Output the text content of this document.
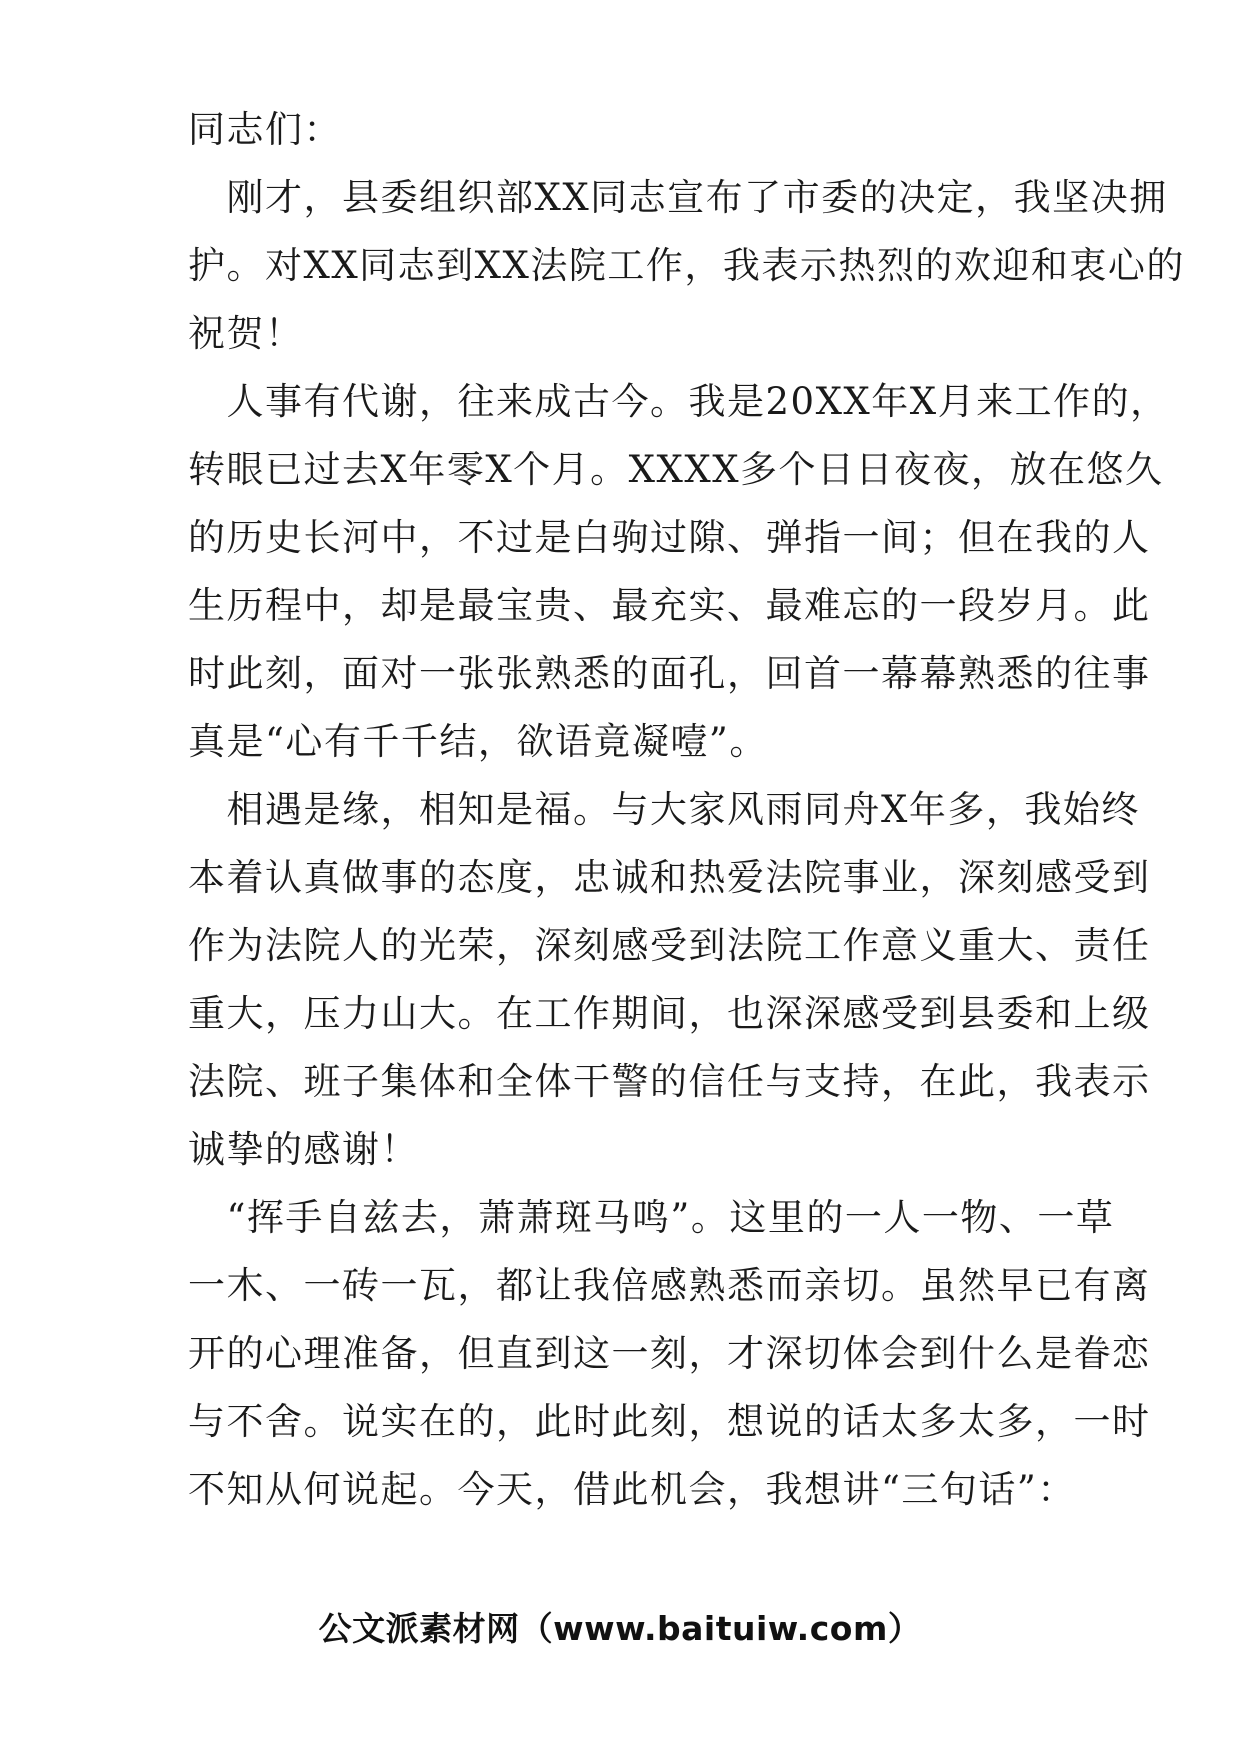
同志们：
　刚才，县委组织部XX同志宣布了市委的决定，我坚决拥
护。对XX同志到XX法院工作，我表示热烈的欢迎和衷心的
祝贺！
　人事有代谢，往来成古今。我是20XX年X月来工作的，
转眼已过去X年零X个月。XXXX多个日日夜夜，放在悠久
的历史长河中，不过是白驹过隙、弹指一间；但在我的人
生历程中，却是最宝贵、最充实、最难忘的一段岁月。此
时此刻，面对一张张熟悉的面孔，回首一幕幕熟悉的往事
真是“心有千千结，欲语竟凝噎”。
　相遇是缘，相知是福。与大家风雨同舟X年多，我始终
本着认真做事的态度，忠诚和热爱法院事业，深刻感受到
作为法院人的光荣，深刻感受到法院工作意义重大、责任
重大，压力山大。在工作期间，也深深感受到县委和上级
法院、班子集体和全体干警的信任与支持，在此，我表示
诚挚的感谢！
　“挥手自兹去，萧萧斑马鸣”。这里的一人一物、一草
一木、一砖一瓦，都让我倍感熟悉而亲切。虽然早已有离
开的心理准备，但直到这一刻，才深切体会到什么是眷恋
与不舍。说实在的，此时此刻，想说的话太多太多，一时
不知从何说起。今天，借此机会，我想讲“三句话”：
公文派素材网（www.baituiw.com）
